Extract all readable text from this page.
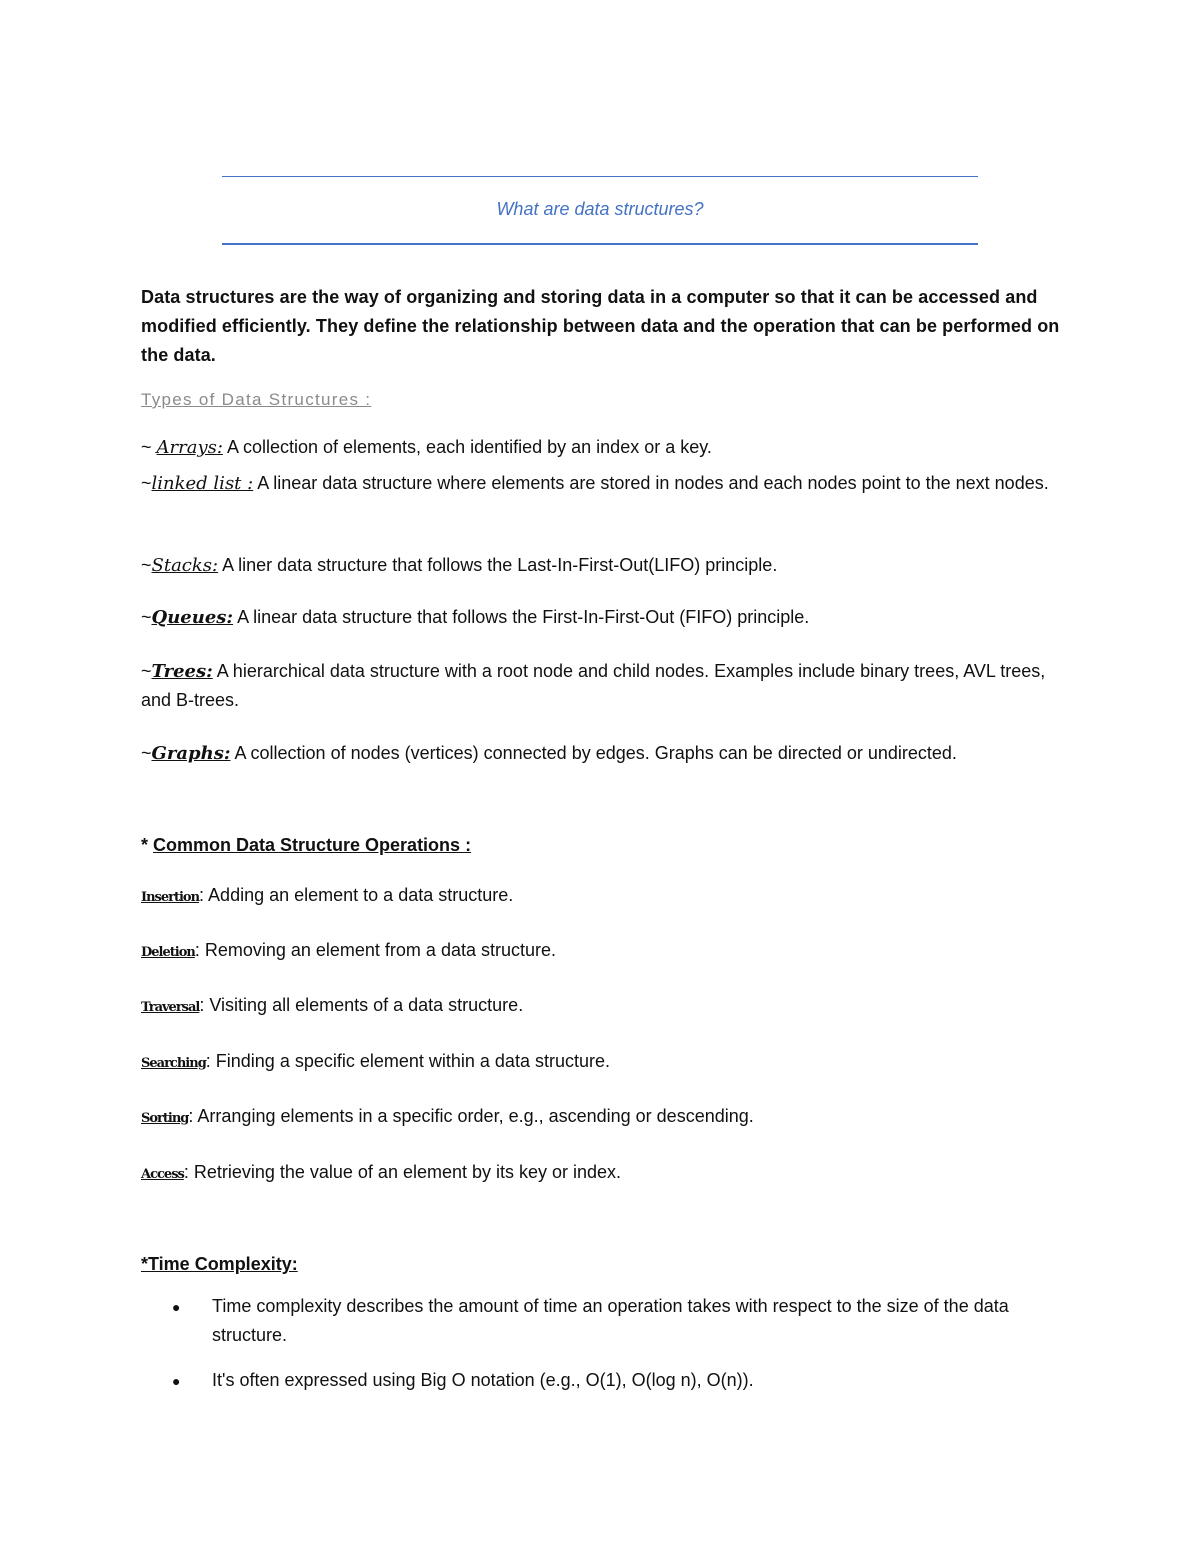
What are data structures?
Data structures are the way of organizing and storing data in a computer so that it can be accessed and modified efficiently. They define the relationship between data and the operation that can be performed on the data.
Types of Data Structures :
~ Arrays: A collection of elements, each identified by an index or a key.
~linked list : A linear data structure where elements are stored in nodes and each nodes point to the next nodes.
~Stacks: A liner data structure that follows the Last-In-First-Out(LIFO) principle.
~Queues: A linear data structure that follows the First-In-First-Out (FIFO) principle.
~Trees: A hierarchical data structure with a root node and child nodes. Examples include binary trees, AVL trees, and B-trees.
~Graphs: A collection of nodes (vertices) connected by edges. Graphs can be directed or undirected.
* Common Data Structure Operations :
Insertion: Adding an element to a data structure.
Deletion: Removing an element from a data structure.
Traversal: Visiting all elements of a data structure.
Searching: Finding a specific element within a data structure.
Sorting: Arranging elements in a specific order, e.g., ascending or descending.
Access: Retrieving the value of an element by its key or index.
*Time Complexity:
● Time complexity describes the amount of time an operation takes with respect to the size of the data structure.
● It's often expressed using Big O notation (e.g., O(1), O(log n), O(n)).
